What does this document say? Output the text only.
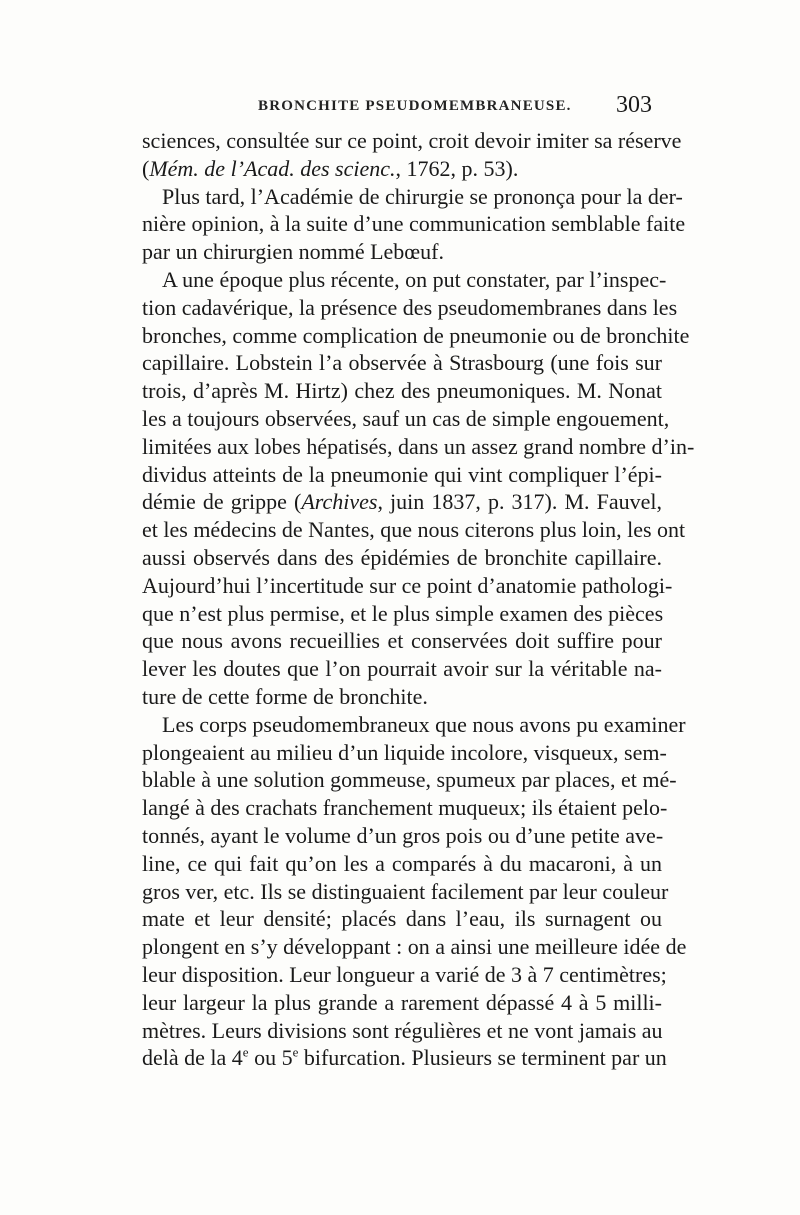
BRONCHITE PSEUDOMEMBRANEUSE. 303
sciences, consultée sur ce point, croit devoir imiter sa réserve
(Mém. de l’Acad. des scienc., 1762, p. 53).
Plus tard, l’Académie de chirurgie se prononça pour la der-
nière opinion, à la suite d’une communication semblable faite
par un chirurgien nommé Lebœuf.
A une époque plus récente, on put constater, par l’inspec-
tion cadavérique, la présence des pseudomembranes dans les
bronches, comme complication de pneumonie ou de bronchite
capillaire. Lobstein l’a observée à Strasbourg (une fois sur
trois, d’après M. Hirtz) chez des pneumoniques. M. Nonat
les a toujours observées, sauf un cas de simple engouement,
limitées aux lobes hépatisés, dans un assez grand nombre d’in-
dividus atteints de la pneumonie qui vint compliquer l’épi-
démie de grippe (Archives, juin 1837, p. 317). M. Fauvel,
et les médecins de Nantes, que nous citerons plus loin, les ont
aussi observés dans des épidémies de bronchite capillaire.
Aujourd’hui l’incertitude sur ce point d’anatomie pathologi-
que n’est plus permise, et le plus simple examen des pièces
que nous avons recueillies et conservées doit suffire pour
lever les doutes que l’on pourrait avoir sur la véritable na-
ture de cette forme de bronchite.
Les corps pseudomembraneux que nous avons pu examiner
plongeaient au milieu d’un liquide incolore, visqueux, sem-
blable à une solution gommeuse, spumeux par places, et mé-
langé à des crachats franchement muqueux; ils étaient pelo-
tonnés, ayant le volume d’un gros pois ou d’une petite ave-
line, ce qui fait qu’on les a comparés à du macaroni, à un
gros ver, etc. Ils se distinguaient facilement par leur couleur
mate et leur densité; placés dans l’eau, ils surnagent ou
plongent en s’y développant : on a ainsi une meilleure idée de
leur disposition. Leur longueur a varié de 3 à 7 centimètres;
leur largeur la plus grande a rarement dépassé 4 à 5 milli-
mètres. Leurs divisions sont régulières et ne vont jamais au
delà de la 4e ou 5e bifurcation. Plusieurs se terminent par un
